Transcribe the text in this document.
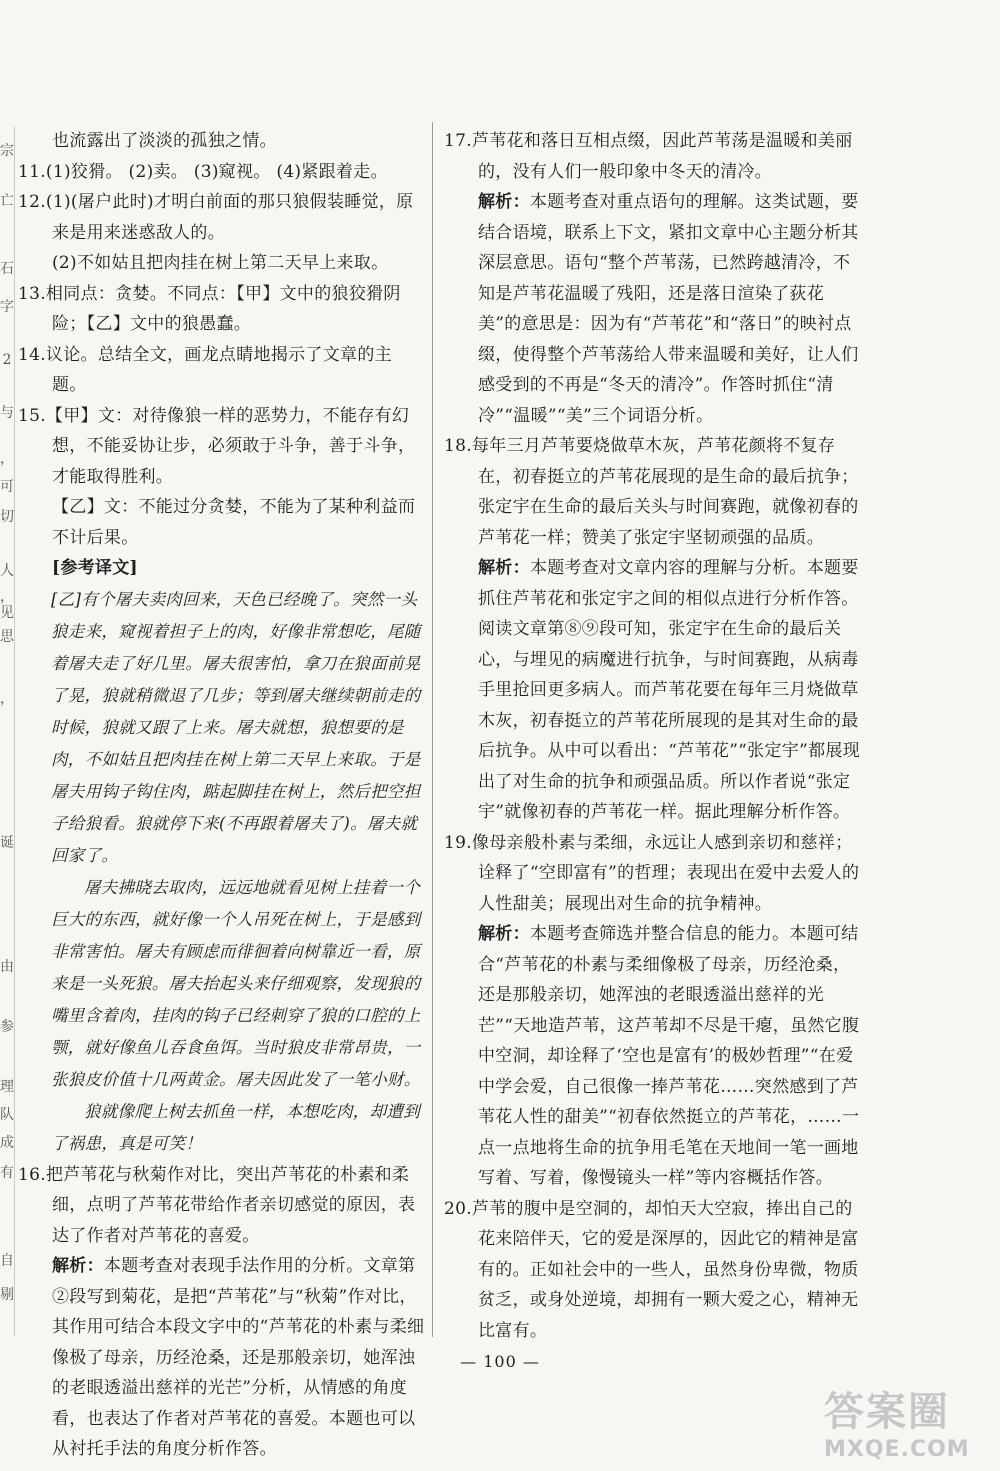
宗
亡
石
字
2
与
，
可
切
人
，
见
思
，
诞
由
参
理
队
成
有
自
剔

也流露出了淡淡的孤独之情。

11.(1)狡猾。 (2)卖。 (3)窥视。 (4)紧跟着走。

12.(1)(屠户此时)才明白前面的那只狼假装睡觉，原来是用来迷惑敌人的。

(2)不如姑且把肉挂在树上第二天早上来取。

13.相同点：贪婪。不同点：【甲】文中的狼狡猾阴险；【乙】文中的狼愚蠢。

14.议论。总结全文，画龙点睛地揭示了文章的主题。

15.【甲】文：对待像狼一样的恶势力，不能存有幻想，不能妥协让步，必须敢于斗争，善于斗争，才能取得胜利。

【乙】文：不能过分贪婪，不能为了某种利益而不计后果。

[参考译文]

[乙]有个屠夫卖肉回来，天色已经晚了。突然一头狼走来，窥视着担子上的肉，好像非常想吃，尾随着屠夫走了好几里。屠夫很害怕，拿刀在狼面前晃了晃，狼就稍微退了几步；等到屠夫继续朝前走的时候，狼就又跟了上来。屠夫就想，狼想要的是肉，不如姑且把肉挂在树上第二天早上来取。于是屠夫用钩子钩住肉，踮起脚挂在树上，然后把空担子给狼看。狼就停下来(不再跟着屠夫了)。屠夫就回家了。

屠夫拂晓去取肉，远远地就看见树上挂着一个巨大的东西，就好像一个人吊死在树上，于是感到非常害怕。屠夫有顾虑而徘徊着向树靠近一看，原来是一头死狼。屠夫抬起头来仔细观察，发现狼的嘴里含着肉，挂肉的钩子已经刺穿了狼的口腔的上颚，就好像鱼儿吞食鱼饵。当时狼皮非常昂贵，一张狼皮价值十几两黄金。屠夫因此发了一笔小财。

狼就像爬上树去抓鱼一样，本想吃肉，却遭到了祸患，真是可笑！

16.把芦苇花与秋菊作对比，突出芦苇花的朴素和柔细，点明了芦苇花带给作者亲切感觉的原因，表达了作者对芦苇花的喜爱。

解析：本题考查对表现手法作用的分析。文章第②段写到菊花，是把“芦苇花”与“秋菊”作对比，其作用可结合本段文字中的“芦苇花的朴素与柔细像极了母亲，历经沧桑，还是那般亲切，她浑浊的老眼透溢出慈祥的光芒”分析，从情感的角度看，也表达了作者对芦苇花的喜爱。本题也可以从衬托手法的角度分析作答。

17.芦苇花和落日互相点缀，因此芦苇荡是温暖和美丽的，没有人们一般印象中冬天的清冷。

解析：本题考查对重点语句的理解。这类试题，要结合语境，联系上下文，紧扣文章中心主题分析其深层意思。语句“整个芦苇荡，已然跨越清冷，不知是芦苇花温暖了残阳，还是落日渲染了荻花美”的意思是：因为有“芦苇花”和“落日”的映衬点缀，使得整个芦苇荡给人带来温暖和美好，让人们感受到的不再是“冬天的清冷”。作答时抓住“清冷”“温暖”“美”三个词语分析。

18.每年三月芦苇要烧做草木灰，芦苇花颜将不复存在，初春挺立的芦苇花展现的是生命的最后抗争；张定宇在生命的最后关头与时间赛跑，就像初春的芦苇花一样；赞美了张定宇坚韧顽强的品质。

解析：本题考查对文章内容的理解与分析。本题要抓住芦苇花和张定宇之间的相似点进行分析作答。阅读文章第⑧⑨段可知，张定宇在生命的最后关心，与埋见的病魔进行抗争，与时间赛跑，从病毒手里抢回更多病人。而芦苇花要在每年三月烧做草木灰，初春挺立的芦苇花所展现的是其对生命的最后抗争。从中可以看出：“芦苇花”“张定宇”都展现出了对生命的抗争和顽强品质。所以作者说“张定宇”就像初春的芦苇花一样。据此理解分析作答。

19.像母亲般朴素与柔细，永远让人感到亲切和慈祥；诠释了“空即富有”的哲理；表现出在爱中去爱人的人性甜美；展现出对生命的抗争精神。

解析：本题考查筛选并整合信息的能力。本题可结合“芦苇花的朴素与柔细像极了母亲，历经沧桑，还是那般亲切，她浑浊的老眼透溢出慈祥的光芒”“天地造芦苇，这芦苇却不尽是干瘪，虽然它腹中空洞，却诠释了‘空也是富有’的极妙哲理”“在爱中学会爱，自己很像一捧芦苇花……突然感到了芦苇花人性的甜美”“初春依然挺立的芦苇花，……一点一点地将生命的抗争用毛笔在天地间一笔一画地写着、写着，像慢镜头一样”等内容概括作答。

20.芦苇的腹中是空洞的，却怕天大空寂，捧出自己的花来陪伴天，它的爱是深厚的，因此它的精神是富有的。正如社会中的一些人，虽然身份卑微，物质贫乏，或身处逆境，却拥有一颗大爱之心，精神无比富有。

— 100 —
答案圈
MXQE.COM
